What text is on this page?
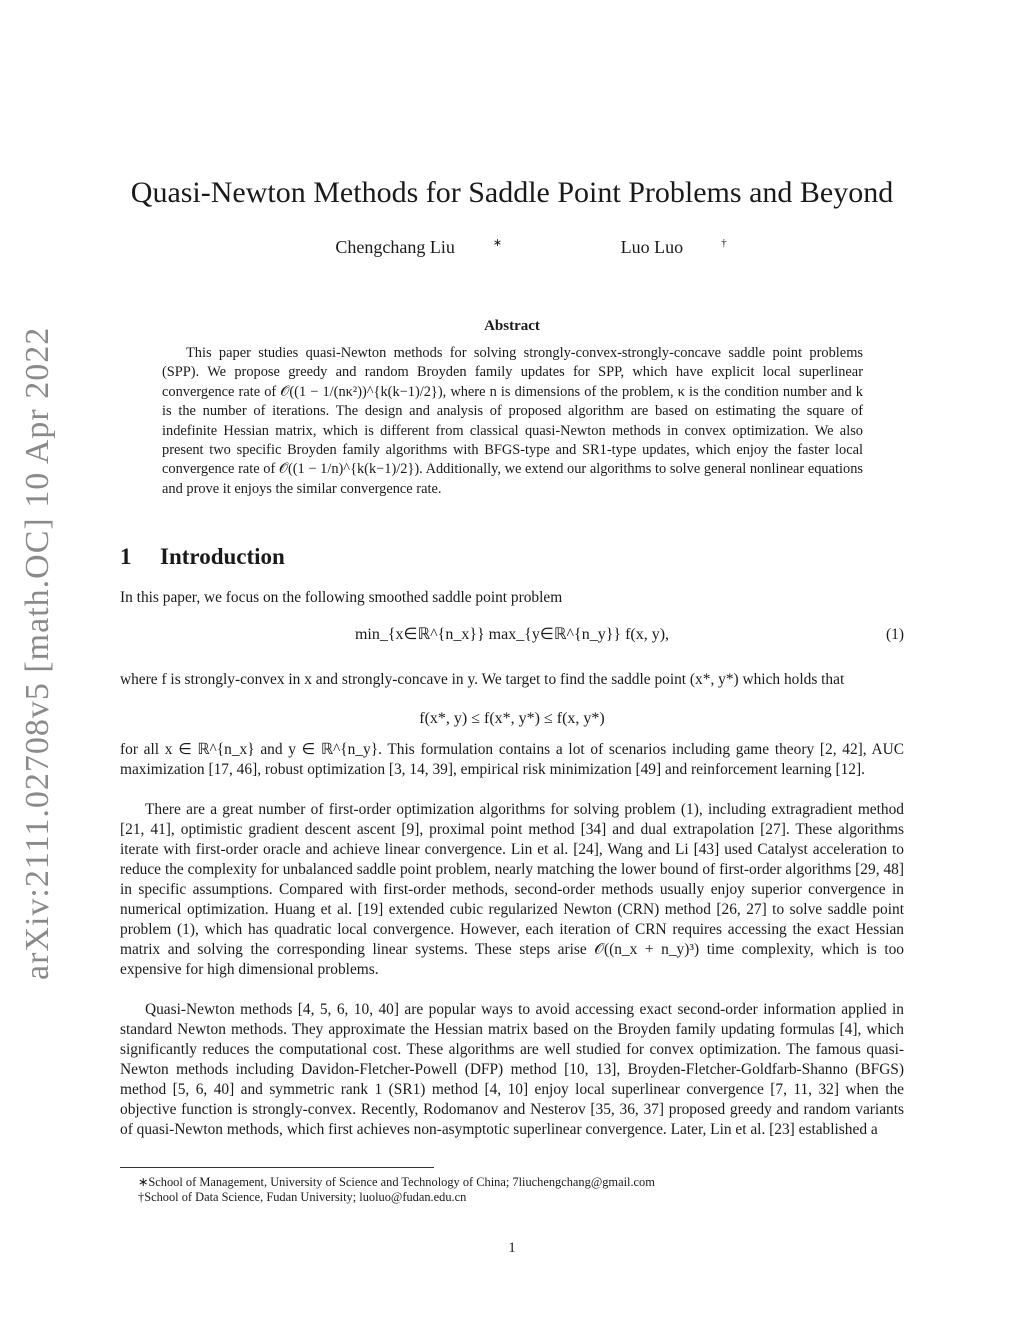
arXiv:2111.02708v5 [math.OC] 10 Apr 2022
Quasi-Newton Methods for Saddle Point Problems and Beyond
Chengchang Liu	∗	Luo Luo	†
Abstract
This paper studies quasi-Newton methods for solving strongly-convex-strongly-concave saddle point problems (SPP). We propose greedy and random Broyden family updates for SPP, which have explicit local superlinear convergence rate of 𝒪((1 − 1/(nκ²))^{k(k−1)/2}), where n is dimensions of the problem, κ is the condition number and k is the number of iterations. The design and analysis of proposed algorithm are based on estimating the square of indefinite Hessian matrix, which is different from classical quasi-Newton methods in convex optimization. We also present two specific Broyden family algorithms with BFGS-type and SR1-type updates, which enjoy the faster local convergence rate of 𝒪((1 − 1/n)^{k(k−1)/2}). Additionally, we extend our algorithms to solve general nonlinear equations and prove it enjoys the similar convergence rate.
1 Introduction
In this paper, we focus on the following smoothed saddle point problem
min_{x∈ℝ^{n_x}} max_{y∈ℝ^{n_y}} f(x, y),	(1)
where f is strongly-convex in x and strongly-concave in y. We target to find the saddle point (x*, y*) which holds that
f(x*, y) ≤ f(x*, y*) ≤ f(x, y*)
for all x ∈ ℝ^{n_x} and y ∈ ℝ^{n_y}. This formulation contains a lot of scenarios including game theory [2, 42], AUC maximization [17, 46], robust optimization [3, 14, 39], empirical risk minimization [49] and reinforcement learning [12].
There are a great number of first-order optimization algorithms for solving problem (1), including extragradient method [21, 41], optimistic gradient descent ascent [9], proximal point method [34] and dual extrapolation [27]. These algorithms iterate with first-order oracle and achieve linear convergence. Lin et al. [24], Wang and Li [43] used Catalyst acceleration to reduce the complexity for unbalanced saddle point problem, nearly matching the lower bound of first-order algorithms [29, 48] in specific assumptions. Compared with first-order methods, second-order methods usually enjoy superior convergence in numerical optimization. Huang et al. [19] extended cubic regularized Newton (CRN) method [26, 27] to solve saddle point problem (1), which has quadratic local convergence. However, each iteration of CRN requires accessing the exact Hessian matrix and solving the corresponding linear systems. These steps arise 𝒪((n_x + n_y)³) time complexity, which is too expensive for high dimensional problems.
Quasi-Newton methods [4, 5, 6, 10, 40] are popular ways to avoid accessing exact second-order information applied in standard Newton methods. They approximate the Hessian matrix based on the Broyden family updating formulas [4], which significantly reduces the computational cost. These algorithms are well studied for convex optimization. The famous quasi-Newton methods including Davidon-Fletcher-Powell (DFP) method [10, 13], Broyden-Fletcher-Goldfarb-Shanno (BFGS) method [5, 6, 40] and symmetric rank 1 (SR1) method [4, 10] enjoy local superlinear convergence [7, 11, 32] when the objective function is strongly-convex. Recently, Rodomanov and Nesterov [35, 36, 37] proposed greedy and random variants of quasi-Newton methods, which first achieves non-asymptotic superlinear convergence. Later, Lin et al. [23] established a
∗School of Management, University of Science and Technology of China; 7liuchengchang@gmail.com
†School of Data Science, Fudan University; luoluo@fudan.edu.cn
1
